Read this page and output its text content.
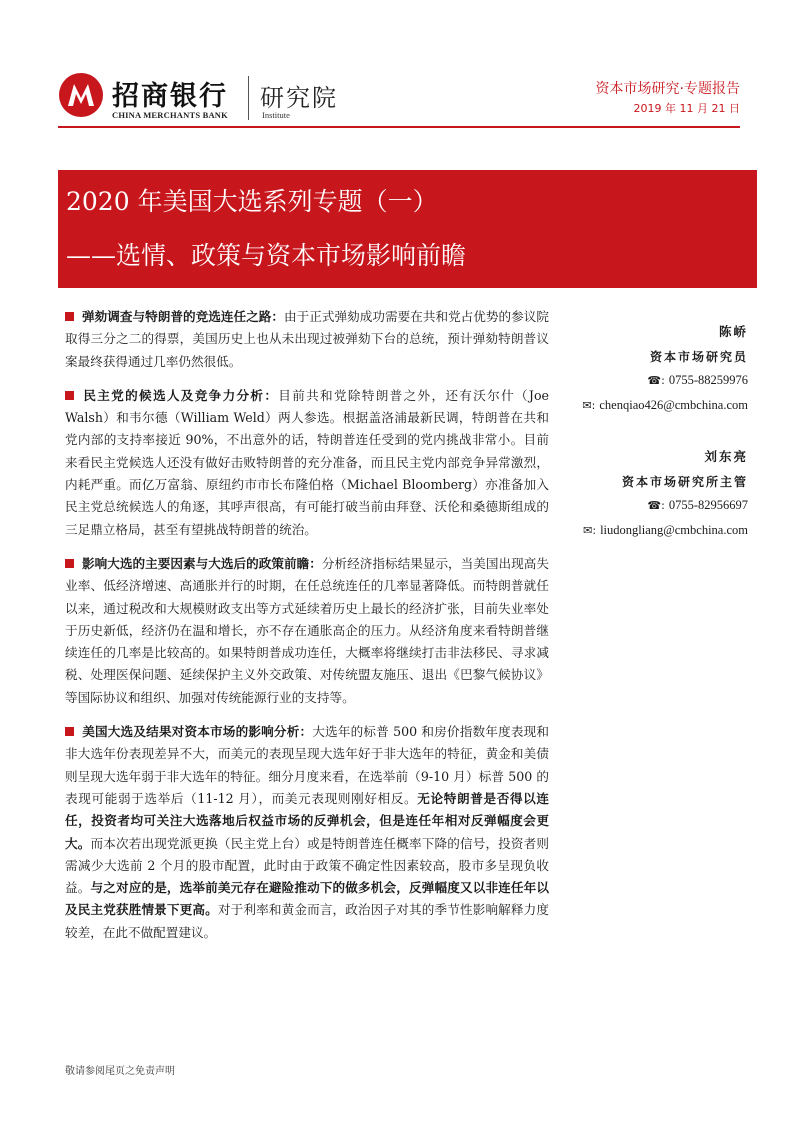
招商银行
CHINA MERCHANTS BANK
研究院
Institute
资本市场研究·专题报告
2019 年 11 月 21 日
2020 年美国大选系列专题（一）
——选情、政策与资本市场影响前瞻

弹劾调查与特朗普的竞选连任之路：由于正式弹劾成功需要在共和党占优势的参议院取得三分之二的得票，美国历史上也从未出现过被弹劾下台的总统，预计弹劾特朗普议案最终获得通过几率仍然很低。

民主党的候选人及竞争力分析：目前共和党除特朗普之外，还有沃尔什（Joe Walsh）和韦尔德（William Weld）两人参选。根据盖洛浦最新民调，特朗普在共和党内部的支持率接近 90%，不出意外的话，特朗普连任受到的党内挑战非常小。目前来看民主党候选人还没有做好击败特朗普的充分准备，而且民主党内部竞争异常激烈，内耗严重。而亿万富翁、原纽约市市长布隆伯格（Michael Bloomberg）亦准备加入民主党总统候选人的角逐，其呼声很高，有可能打破当前由拜登、沃伦和桑德斯组成的三足鼎立格局，甚至有望挑战特朗普的统治。

影响大选的主要因素与大选后的政策前瞻：分析经济指标结果显示，当美国出现高失业率、低经济增速、高通胀并行的时期，在任总统连任的几率显著降低。而特朗普就任以来，通过税改和大规模财政支出等方式延续着历史上最长的经济扩张，目前失业率处于历史新低，经济仍在温和增长，亦不存在通胀高企的压力。从经济角度来看特朗普继续连任的几率是比较高的。如果特朗普成功连任，大概率将继续打击非法移民、寻求减税、处理医保问题、延续保护主义外交政策、对传统盟友施压、退出《巴黎气候协议》等国际协议和组织、加强对传统能源行业的支持等。

美国大选及结果对资本市场的影响分析：大选年的标普 500 和房价指数年度表现和非大选年份表现差异不大，而美元的表现呈现大选年好于非大选年的特征，黄金和美债则呈现大选年弱于非大选年的特征。细分月度来看，在选举前（9-10 月）标普 500 的表现可能弱于选举后（11-12 月），而美元表现则刚好相反。无论特朗普是否得以连任，投资者均可关注大选落地后权益市场的反弹机会，但是连任年相对反弹幅度会更大。而本次若出现党派更换（民主党上台）或是特朗普连任概率下降的信号，投资者则需减少大选前 2 个月的股市配置，此时由于政策不确定性因素较高，股市多呈现负收益。与之对应的是，选举前美元存在避险推动下的做多机会，反弹幅度又以非连任年以及民主党获胜情景下更高。对于利率和黄金而言，政治因子对其的季节性影响解释力度较差，在此不做配置建议。

陈峤
资本市场研究员
☎: 0755-88259976
✉: chenqiao426@cmbchina.com
刘东亮
资本市场研究所主管
☎: 0755-82956697
✉: liudongliang@cmbchina.com
敬请参阅尾页之免责声明
